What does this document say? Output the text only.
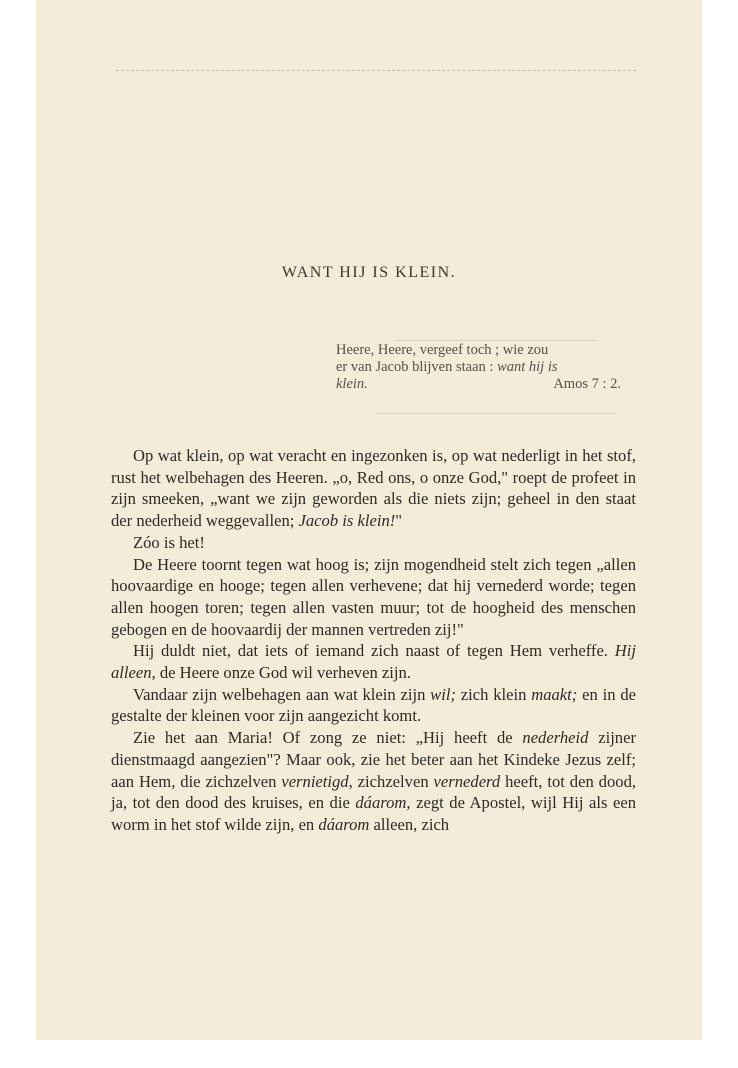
WANT HIJ IS KLEIN.
Heere, Heere, vergeef toch ; wie zou
er van Jacob blijven staan : want hij is
klein.	Amos 7 : 2.

Op wat klein, op wat veracht en ingezonken is, op wat nederligt in het stof, rust het welbehagen des Heeren. „o, Red ons, o onze God," roept de profeet in zijn smeeken, „want we zijn geworden als die niets zijn; geheel in den staat der nederheid weggevallen; Jacob is klein!"

Zóo is het!

De Heere toornt tegen wat hoog is; zijn mogendheid stelt zich tegen „allen hoovaardige en hooge; tegen allen verhevene; dat hij vernederd worde; tegen allen hoogen toren; tegen allen vasten muur; tot de hoogheid des menschen gebogen en de hoovaardij der mannen vertreden zij!"

Hij duldt niet, dat iets of iemand zich naast of tegen Hem verheffe. Hij alleen, de Heere onze God wil verheven zijn.

Vandaar zijn welbehagen aan wat klein zijn wil; zich klein maakt; en in de gestalte der kleinen voor zijn aangezicht komt.

Zie het aan Maria! Of zong ze niet: „Hij heeft de nederheid zijner dienstmaagd aangezien"? Maar ook, zie het beter aan het Kindeke Jezus zelf; aan Hem, die zichzelven vernietigd, zichzelven vernederd heeft, tot den dood, ja, tot den dood des kruises, en die dáarom, zegt de Apostel, wijl Hij als een worm in het stof wilde zijn, en dáarom alleen, zich
